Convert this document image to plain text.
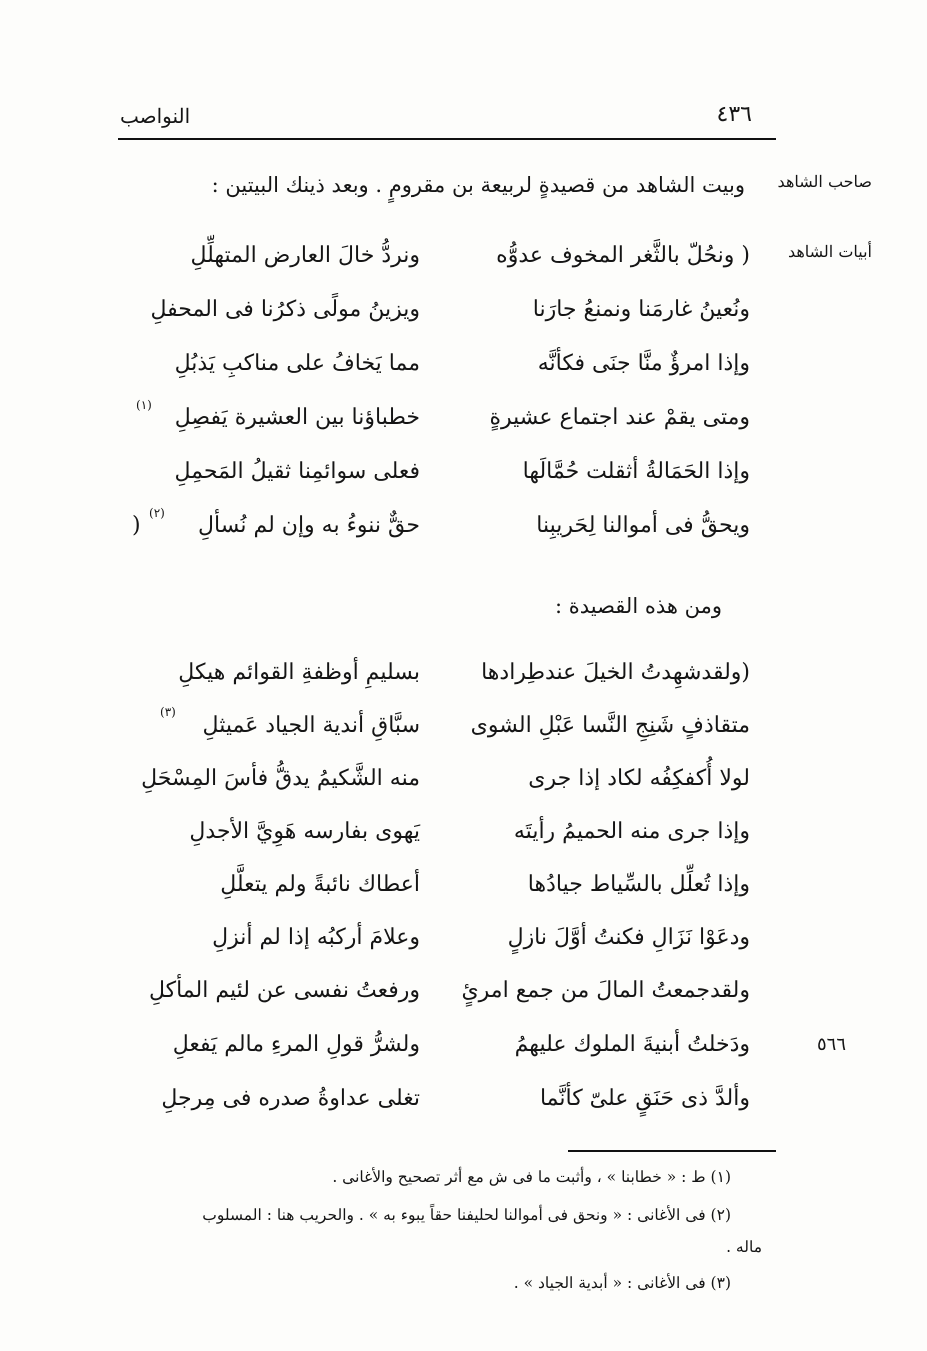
النواصب	٤٣٦
صاحب الشاهد
أبيات الشاهد
٥٦٦
وبيت الشاهد من قصيدةٍ لربيعة بن مقرومٍ . وبعد ذينك البيتين :
( ونحُلّ بالثَّغر المخوف عدوُّه
ونردُّ خالَ العارض المتهلِّلِ
ونُعينُ غارمَنا ونمنعُ جارَنا
ويزينُ مولًى ذكرُنا فى المحفلِ
وإذا امرؤٌ منَّا جنَى فكأنَّه
مما يَخافُ على مناكبِ يَذبُلِ
ومتى يقمْ عند اجتماع عشيرةٍ
خطباؤنا بين العشيرة يَفصِلِ
وإذا الحَمَالةُ أثقلت حُمَّالَها
فعلى سوائمِنا ثقيلُ المَحمِلِ
ويحقُّ فى أموالنا لِحَريبِنا
حقٌّ ننوءُ به وإن لم نُسألِ
(١)
(٢)
)
ومن هذه القصيدة :
(ولقدشهِدتُ الخيلَ عندطِرادها
بسليمِ أوظفةِ القوائم هيكلِ
متقاذفٍ شَنِجِ النَّسا عَبْلِ الشوى
سبَّاقِ أندية الجياد عَميثلِ
لولا أُكفكِفُه لكاد إذا جرى
منه الشَّكيمُ يدقُّ فأسَ المِسْحَلِ
وإذا جرى منه الحميمُ رأيتَه
يَهوى بفارسه هَوِيَّ الأجدلِ
وإذا تُعلِّل بالسِّياط جيادُها
أعطاك نائبةً ولم يتعلَّلِ
ودعَوْا نَزَالِ فكنتُ أوَّلَ نازلٍ
وعلامَ أركبُه إذا لم أنزلِ
ولقدجمعتُ المالَ من جمع امرئٍ
ورفعتُ نفسى عن لئيم المأكلِ
ودَخلتُ أبنيةَ الملوك عليهمُ
ولشرُّ قولِ المرءِ مالم يَفعلِ
وألدَّ ذى حَنَقٍ علىّ كأنَّما
تغلى عداوةُ صدره فى مِرجلِ
(٣)
(١) ط : « خطابنا » ، وأثبت ما فى ش مع أثر تصحيح والأغانى .
(٢) فى الأغانى : « ونحق فى أموالنا لحليفنا حقاً يبوء به » . والحريب هنا : المسلوب
ماله .
(٣) فى الأغانى : « أبدية الجياد » .
